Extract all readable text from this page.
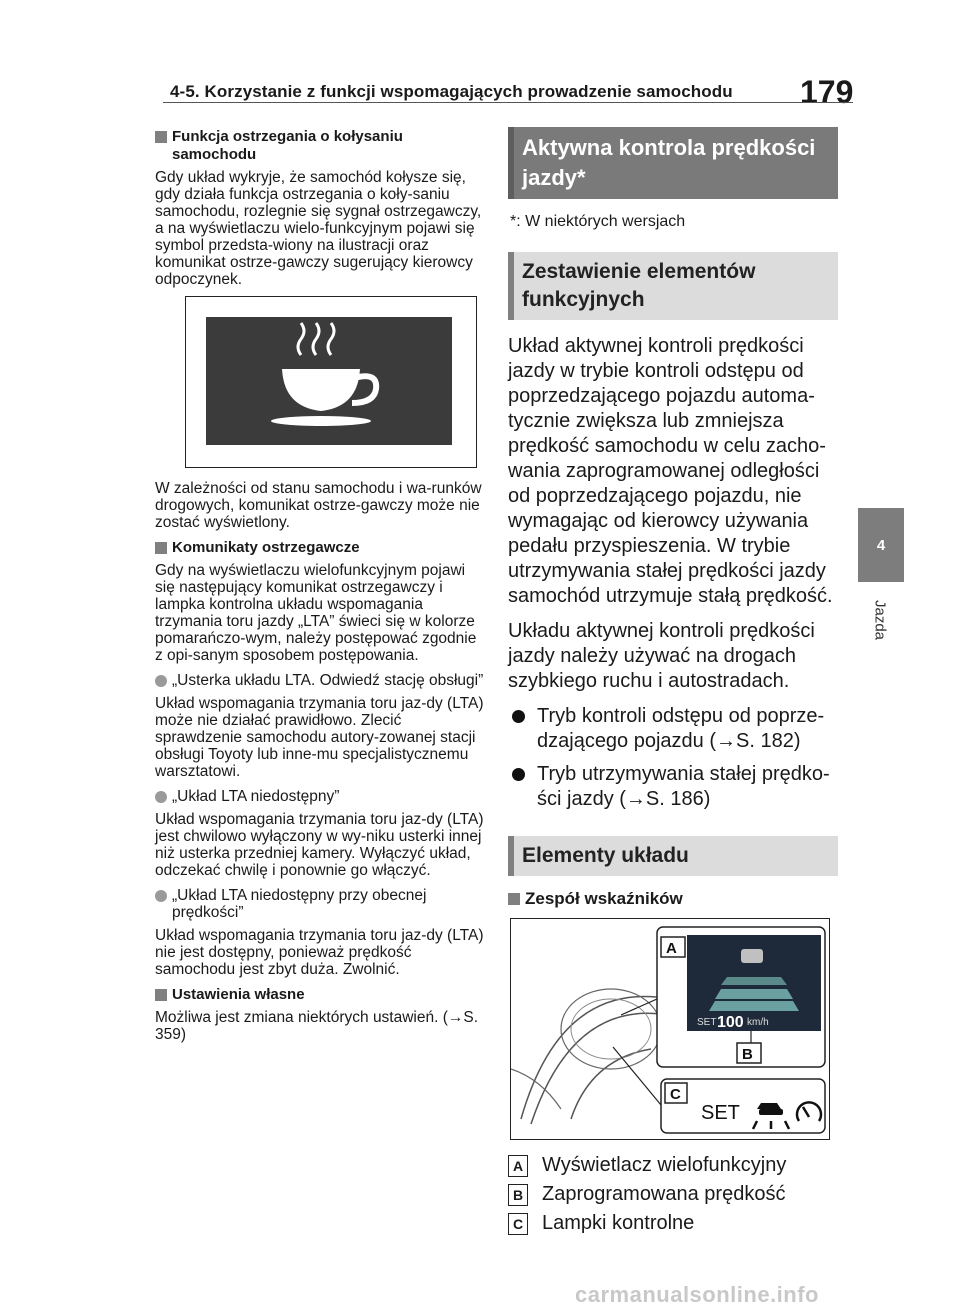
4-5. Korzystanie z funkcji wspomagających prowadzenie samochodu 179
4
Jazda
Funkcja ostrzegania o kołysaniu samochodu
Gdy układ wykryje, że samochód kołysze się, gdy działa funkcja ostrzegania o koły-saniu samochodu, rozlegnie się sygnał ostrzegawczy, a na wyświetlaczu wielo-funkcyjnym pojawi się symbol przedsta-wiony na ilustracji oraz komunikat ostrze-gawczy sugerujący kierowcy odpoczynek.
W zależności od stanu samochodu i wa-runków drogowych, komunikat ostrze-gawczy może nie zostać wyświetlony.
Komunikaty ostrzegawcze
Gdy na wyświetlaczu wielofunkcyjnym pojawi się następujący komunikat ostrzegawczy i lampka kontrolna układu wspomagania trzymania toru jazdy „LTA” świeci się w kolorze pomarańczo-wym, należy postępować zgodnie z opi-sanym sposobem postępowania.
„Usterka układu LTA. Odwiedź stację obsługi”
Układ wspomagania trzymania toru jaz-dy (LTA) może nie działać prawidłowo. Zlecić sprawdzenie samochodu autory-zowanej stacji obsługi Toyoty lub inne-mu specjalistycznemu warsztatowi.
„Układ LTA niedostępny”
Układ wspomagania trzymania toru jaz-dy (LTA) jest chwilowo wyłączony w wy-niku usterki innej niż usterka przedniej kamery. Wyłączyć układ, odczekać chwilę i ponownie go włączyć.
„Układ LTA niedostępny przy obecnej prędkości”
Układ wspomagania trzymania toru jaz-dy (LTA) nie jest dostępny, ponieważ prędkość samochodu jest zbyt duża. Zwolnić.
Ustawienia własne
Możliwa jest zmiana niektórych ustawień. (→S. 359)
Aktywna kontrola prędkości jazdy*
*: W niektórych wersjach
Zestawienie elementów funkcyjnych
Układ aktywnej kontroli prędkości jazdy w trybie kontroli odstępu od poprzedzającego pojazdu automa-tycznie zwiększa lub zmniejsza prędkość samochodu w celu zacho-wania zaprogramowanej odległości od poprzedzającego pojazdu, nie wymagając od kierowcy używania pedału przyspieszenia. W trybie utrzymywania stałej prędkości jazdy samochód utrzymuje stałą prędkość.
Układu aktywnej kontroli prędkości jazdy należy używać na drogach szybkiego ruchu i autostradach.
Tryb kontroli odstępu od poprze-dzającego pojazdu (→S. 182)
Tryb utrzymywania stałej prędko-ści jazdy (→S. 186)
Elementy układu
Zespół wskaźników
SET 100 km/h
A
B
C
SET
A Wyświetlacz wielofunkcyjny
B Zaprogramowana prędkość
C Lampki kontrolne
carmanualsonline.info
